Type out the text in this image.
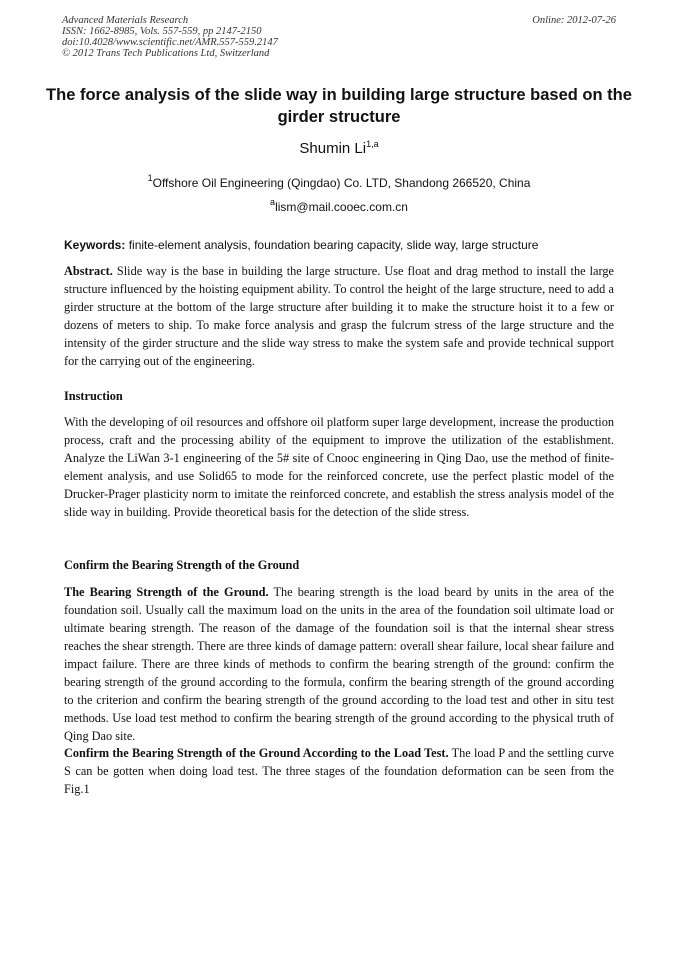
Advanced Materials Research
ISSN: 1662-8985, Vols. 557-559, pp 2147-2150
doi:10.4028/www.scientific.net/AMR.557-559.2147
© 2012 Trans Tech Publications Ltd, Switzerland
Online: 2012-07-26
The force analysis of the slide way in building large structure based on the girder structure
Shumin Li$^{1,a}$
$^1$Offshore Oil Engineering (Qingdao) Co. LTD, Shandong 266520, China
$^a$lism@mail.cooec.com.cn
Keywords: finite-element analysis, foundation bearing capacity, slide way, large structure

Abstract. Slide way is the base in building the large structure. Use float and drag method to install the large structure influenced by the hoisting equipment ability. To control the height of the large structure, need to add a girder structure at the bottom of the large structure after building it to make the structure hoist it to a few or dozens of meters to ship. To make force analysis and grasp the fulcrum stress of the large structure and the intensity of the girder structure and the slide way stress to make the system safe and provide technical support for the carrying out of the engineering.

Instruction

With the developing of oil resources and offshore oil platform super large development, increase the production process, craft and the processing ability of the equipment to improve the utilization of the establishment. Analyze the LiWan 3-1 engineering of the 5# site of Cnooc engineering in Qing Dao, use the method of finite-element analysis, and use Solid65 to mode for the reinforced concrete, use the perfect plastic model of the Drucker-Prager plasticity norm to imitate the reinforced concrete, and establish the stress analysis model of the slide way in building. Provide theoretical basis for the detection of the slide stress.

Confirm the Bearing Strength of the Ground

The Bearing Strength of the Ground. The bearing strength is the load beard by units in the area of the foundation soil. Usually call the maximum load on the units in the area of the foundation soil ultimate load or ultimate bearing strength. The reason of the damage of the foundation soil is that the internal shear stress reaches the shear strength. There are three kinds of damage pattern: overall shear failure, local shear failure and impact failure. There are three kinds of methods to confirm the bearing strength of the ground: confirm the bearing strength of the ground according to the formula, confirm the bearing strength of the ground according to the criterion and confirm the bearing strength of the ground according to the load test and other in situ test methods. Use load test method to confirm the bearing strength of the ground according to the physical truth of Qing Dao site.

Confirm the Bearing Strength of the Ground According to the Load Test. The load P and the settling curve S can be gotten when doing load test. The three stages of the foundation deformation can be seen from the Fig.1
